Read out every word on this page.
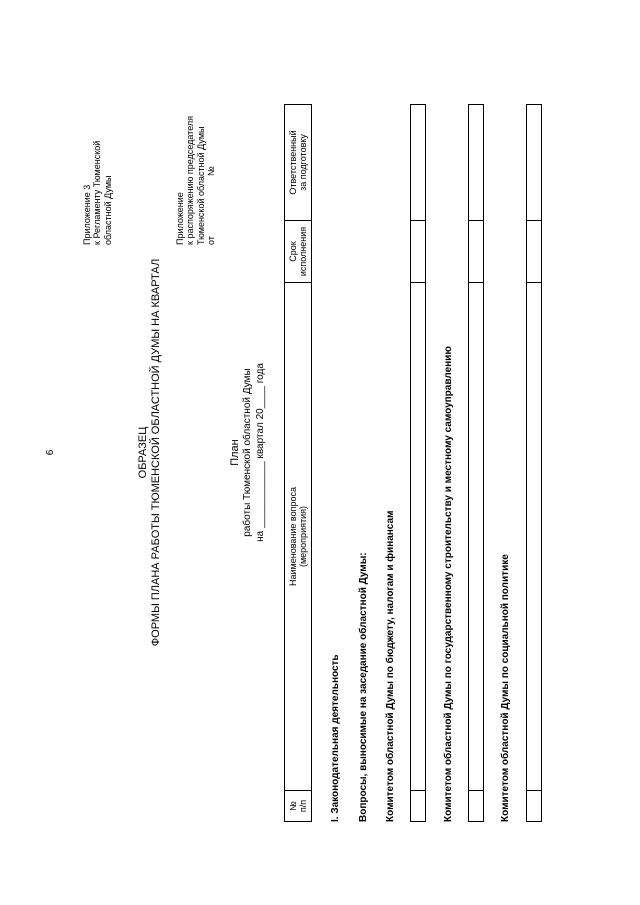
6
Приложение 3 к Регламенту Тюменской областной Думы
ОБРАЗЕЦ ФОРМЫ ПЛАНА РАБОТЫ ТЮМЕНСКОЙ ОБЛАСТНОЙ ДУМЫ НА КВАРТАЛ
Приложение к распоряжению председателя Тюменской областной Думы от                        №
План работы Тюменской областной Думы на ____________ квартал 20____ года
№ п/п
Наименование вопроса (мероприятия)
Срок исполнения
Ответственный за подготовку
I. Законодательная деятельность Вопросы, выносимые на заседание областной Думы: Комитетом областной Думы по бюджету, налогам и финансам	Комитетом областной Думы по государственному строительству и местному самоуправлению	Комитетом областной Думы по социальной политике
